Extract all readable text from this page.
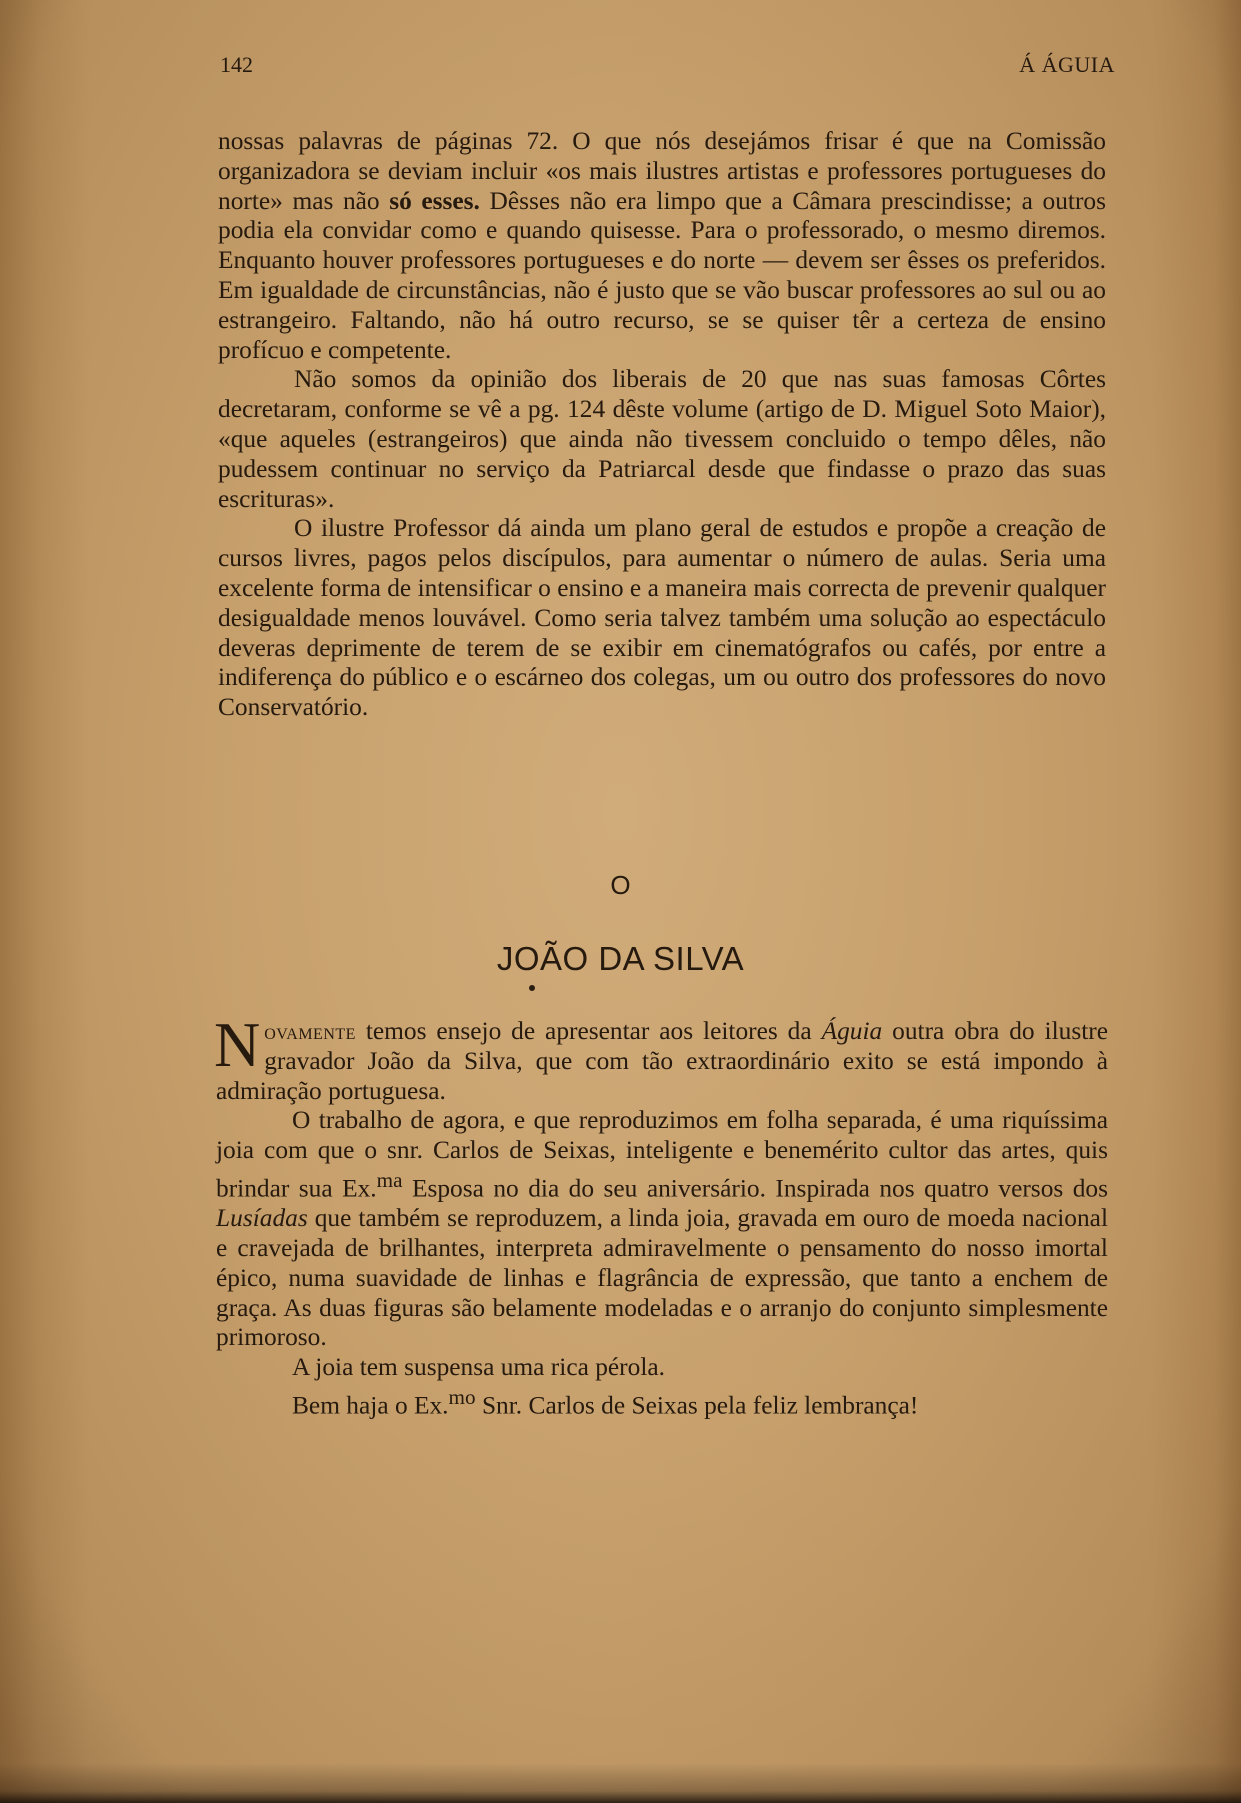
142	Á ÁGUIA

nossas palavras de páginas 72. O que nós desejámos frisar é que na Comissão organizadora se deviam incluir «os mais ilustres artistas e professores portugueses do norte» mas não só esses. Dêsses não era limpo que a Câmara prescindisse; a outros podia ela convidar como e quando quisesse. Para o professorado, o mesmo diremos. Enquanto houver professores portugueses e do norte — devem ser êsses os preferidos. Em igualdade de circunstâncias, não é justo que se vão buscar professores ao sul ou ao estrangeiro. Faltando, não há outro recurso, se se quiser têr a certeza de ensino profícuo e competente.

Não somos da opinião dos liberais de 20 que nas suas famosas Côrtes decretaram, conforme se vê a pg. 124 dêste volume (artigo de D. Miguel Soto Maior), «que aqueles (estrangeiros) que ainda não tivessem concluido o tempo dêles, não pudessem continuar no serviço da Patriarcal desde que findasse o prazo das suas escrituras».

O ilustre Professor dá ainda um plano geral de estudos e propõe a creação de cursos livres, pagos pelos discípulos, para aumentar o número de aulas. Seria uma excelente forma de intensificar o ensino e a maneira mais correcta de prevenir qualquer desigualdade menos louvável. Como seria talvez também uma solução ao espectáculo deveras deprimente de terem de se exibir em cinematógrafos ou cafés, por entre a indiferença do público e o escárneo dos colegas, um ou outro dos professores do novo Conservatório.

O
JOÃO DA SILVA

Novamente temos ensejo de apresentar aos leitores da Águia outra obra do ilustre gravador João da Silva, que com tão extraordinário exito se está impondo à admiração portuguesa.

O trabalho de agora, e que reproduzimos em folha separada, é uma riquíssima joia com que o snr. Carlos de Seixas, inteligente e benemérito cultor das artes, quis brindar sua Ex.$^{ma}$ Esposa no dia do seu aniversário. Inspirada nos quatro versos dos Lusíadas que também se reproduzem, a linda joia, gravada em ouro de moeda nacional e cravejada de brilhantes, interpreta admiravelmente o pensamento do nosso imortal épico, numa suavidade de linhas e flagrância de expressão, que tanto a enchem de graça. As duas figuras são belamente modeladas e o arranjo do conjunto simplesmente primoroso.

A joia tem suspensa uma rica pérola.

Bem haja o Ex.$^{mo}$ Snr. Carlos de Seixas pela feliz lembrança!
